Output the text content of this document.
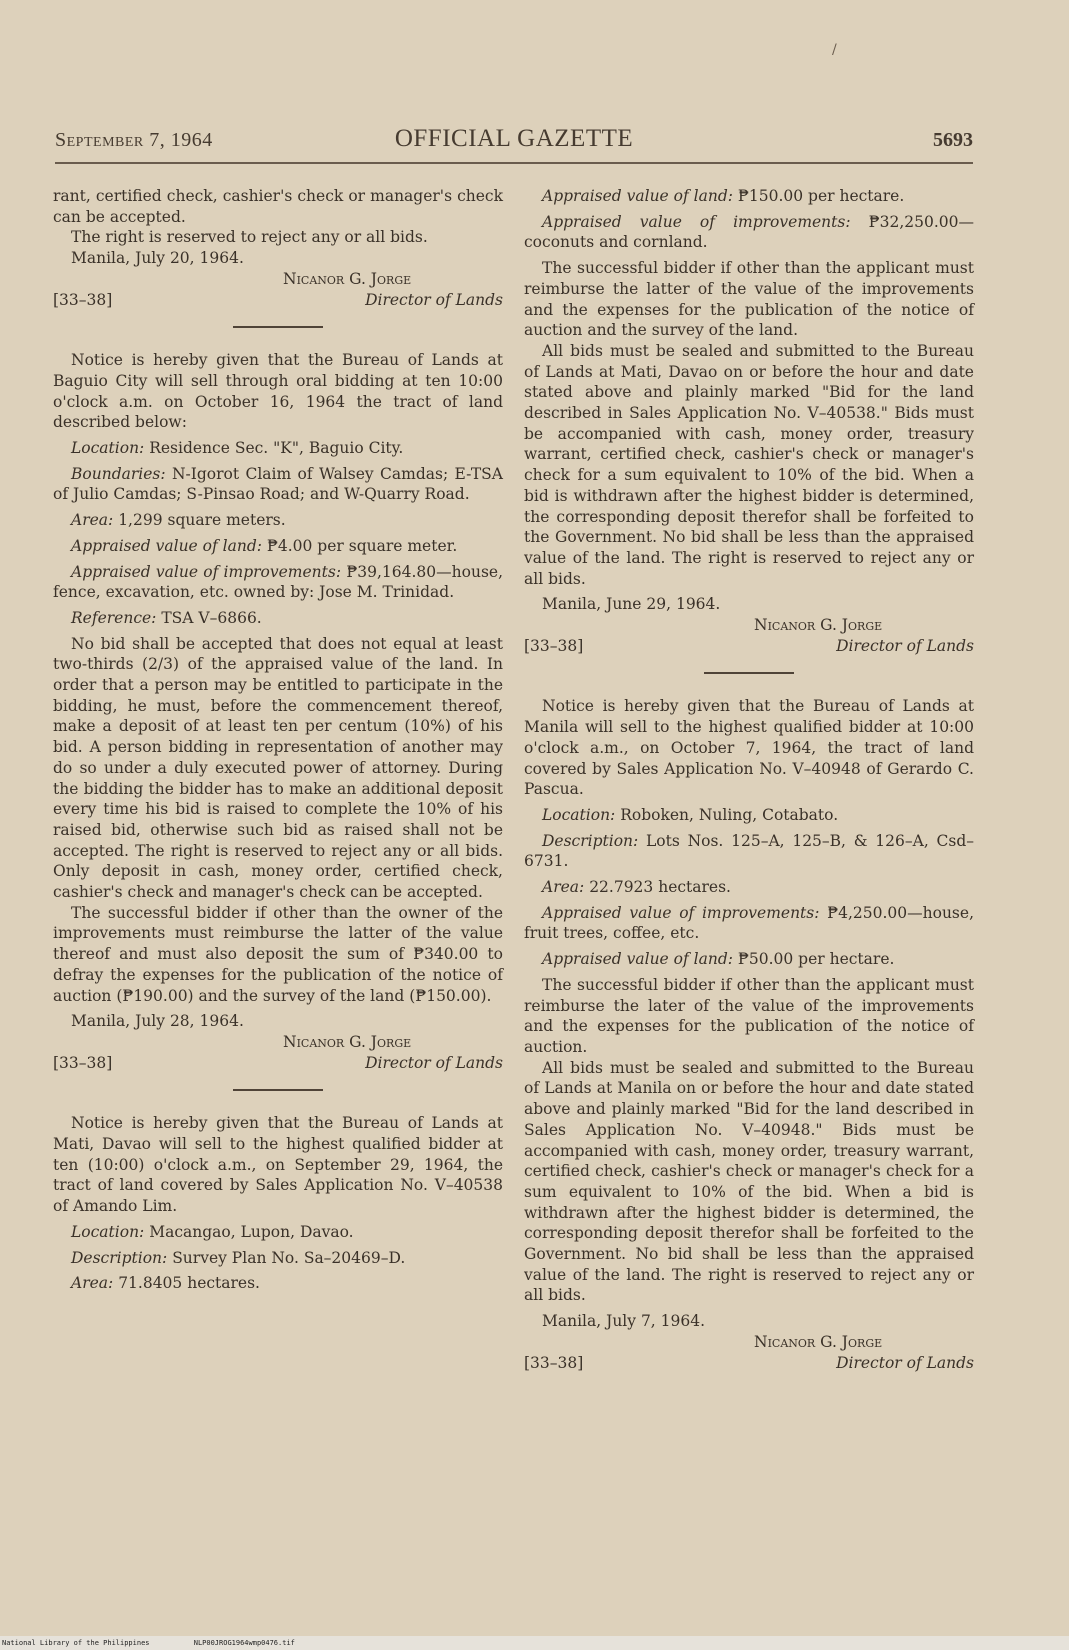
/
September 7, 1964	OFFICIAL GAZETTE	5693

rant, certified check, cashier's check or manager's check can be accepted.

The right is reserved to reject any or all bids.

Manila, July 20, 1964.

Nicanor G. Jorge
[33–38]	Director of Lands

Notice is hereby given that the Bureau of Lands at Baguio City will sell through oral bidding at ten 10:00 o'clock a.m. on October 16, 1964 the tract of land described below:

Location: Residence Sec. "K", Baguio City.

Boundaries: N-Igorot Claim of Walsey Camdas; E-TSA of Julio Camdas; S-Pinsao Road; and W-Quarry Road.

Area: 1,299 square meters.

Appraised value of land: ₱4.00 per square meter.

Appraised value of improvements: ₱39,164.80—house, fence, excavation, etc. owned by: Jose M. Trinidad.

Reference: TSA V–6866.

No bid shall be accepted that does not equal at least two-thirds (2/3) of the appraised value of the land. In order that a person may be entitled to participate in the bidding, he must, before the commencement thereof, make a deposit of at least ten per centum (10%) of his bid. A person bidding in representation of another may do so under a duly executed power of attorney. During the bidding the bidder has to make an additional deposit every time his bid is raised to complete the 10% of his raised bid, otherwise such bid as raised shall not be accepted. The right is reserved to reject any or all bids. Only deposit in cash, money order, certified check, cashier's check and manager's check can be accepted.

The successful bidder if other than the owner of the improvements must reimburse the latter of the value thereof and must also deposit the sum of ₱340.00 to defray the expenses for the publication of the notice of auction (₱190.00) and the survey of the land (₱150.00).

Manila, July 28, 1964.

Nicanor G. Jorge
[33–38]	Director of Lands

Notice is hereby given that the Bureau of Lands at Mati, Davao will sell to the highest qualified bidder at ten (10:00) o'clock a.m., on September 29, 1964, the tract of land covered by Sales Application No. V–40538 of Amando Lim.

Location: Macangao, Lupon, Davao.

Description: Survey Plan No. Sa–20469–D.

Area: 71.8405 hectares.

Appraised value of land: ₱150.00 per hectare.

Appraised value of improvements: ₱32,250.00—coconuts and cornland.

The successful bidder if other than the applicant must reimburse the latter of the value of the improvements and the expenses for the publication of the notice of auction and the survey of the land.

All bids must be sealed and submitted to the Bureau of Lands at Mati, Davao on or before the hour and date stated above and plainly marked "Bid for the land described in Sales Application No. V–40538." Bids must be accompanied with cash, money order, treasury warrant, certified check, cashier's check or manager's check for a sum equivalent to 10% of the bid. When a bid is withdrawn after the highest bidder is determined, the corresponding deposit therefor shall be forfeited to the Government. No bid shall be less than the appraised value of the land. The right is reserved to reject any or all bids.

Manila, June 29, 1964.

Nicanor G. Jorge
[33–38]	Director of Lands

Notice is hereby given that the Bureau of Lands at Manila will sell to the highest qualified bidder at 10:00 o'clock a.m., on October 7, 1964, the tract of land covered by Sales Application No. V–40948 of Gerardo C. Pascua.

Location: Roboken, Nuling, Cotabato.

Description: Lots Nos. 125–A, 125–B, & 126–A, Csd–6731.

Area: 22.7923 hectares.

Appraised value of improvements: ₱4,250.00—house, fruit trees, coffee, etc.

Appraised value of land: ₱50.00 per hectare.

The successful bidder if other than the applicant must reimburse the later of the value of the improvements and the expenses for the publication of the notice of auction.

All bids must be sealed and submitted to the Bureau of Lands at Manila on or before the hour and date stated above and plainly marked "Bid for the land described in Sales Application No. V–40948." Bids must be accompanied with cash, money order, treasury warrant, certified check, cashier's check or manager's check for a sum equivalent to 10% of the bid. When a bid is withdrawn after the highest bidder is determined, the corresponding deposit therefor shall be forfeited to the Government. No bid shall be less than the appraised value of the land. The right is reserved to reject any or all bids.

Manila, July 7, 1964.

Nicanor G. Jorge
[33–38]	Director of Lands
National Library of the Philippines	NLP00JROG1964wmp0476.tif
